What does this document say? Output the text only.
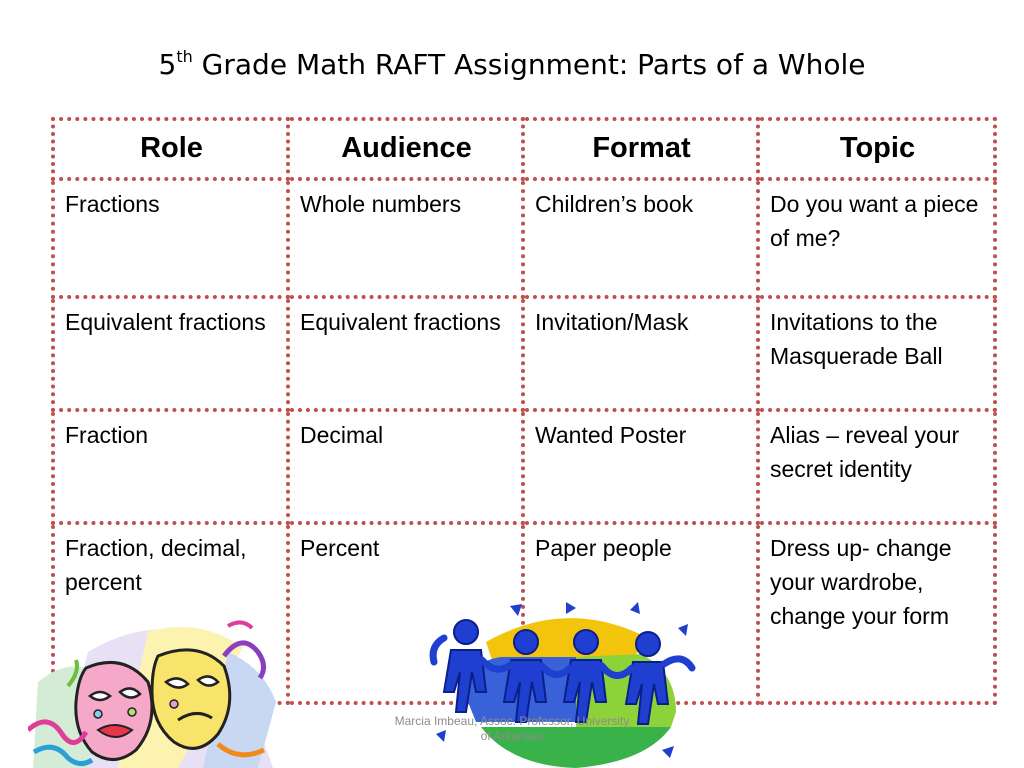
5th Grade Math RAFT Assignment: Parts of a Whole
Role	Audience	Format	Topic
Fractions	Whole numbers	Children’s book	Do you want a piece of me?
Equivalent fractions	Equivalent fractions	Invitation/Mask	Invitations to the Masquerade Ball
Fraction	Decimal	Wanted Poster	Alias – reveal your secret identity
Fraction, decimal, percent	Percent	Paper people	Dress up- change your wardrobe, change your form
Marcia Imbeau, Assoc. Professor, University
of Arkansas
